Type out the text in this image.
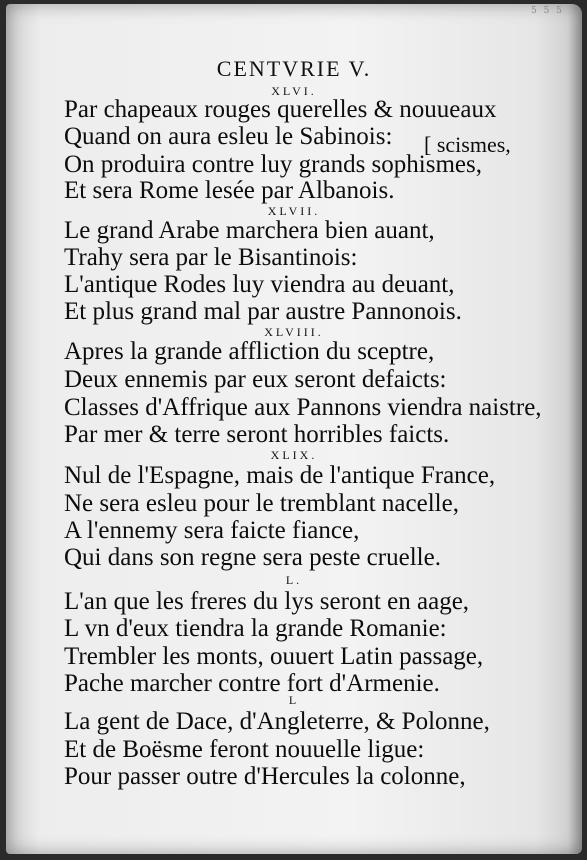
5 5 5
CENTVRIE V.
XLVI.
Par chapeaux rouges querelles & nouueaux
Quand on aura esleu le Sabinois: [ scismes,
On produira contre luy grands sophismes,
Et sera Rome lesée par Albanois.
XLVII.
Le grand Arabe marchera bien auant,
Trahy sera par le Bisantinois:
L'antique Rodes luy viendra au deuant,
Et plus grand mal par austre Pannonois.
XLVIII.
Apres la grande affliction du sceptre,
Deux ennemis par eux seront defaicts:
Classes d'Affrique aux Pannons viendra naistre,
Par mer & terre seront horribles faicts.
XLIX.
Nul de l'Espagne, mais de l'antique France,
Ne sera esleu pour le tremblant nacelle,
A l'ennemy sera faicte fiance,
Qui dans son regne sera peste cruelle.
L.
L'an que les freres du lys seront en aage,
L vn d'eux tiendra la grande Romanie:
Trembler les monts, ouuert Latin passage,
Pache marcher contre fort d'Armenie.
L
La gent de Dace, d'Angleterre, & Polonne,
Et de Boësme feront nouuelle ligue:
Pour passer outre d'Hercules la colonne,
